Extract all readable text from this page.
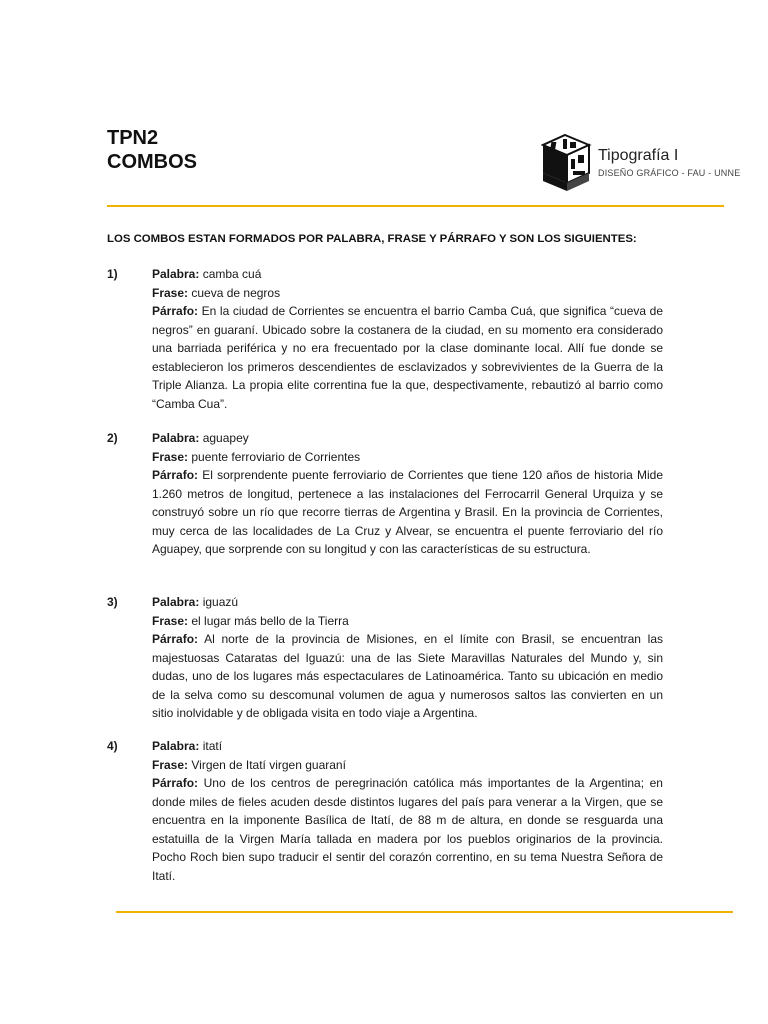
TPN2
COMBOS	Tipografía I
DISEÑO GRÁFICO - FAU - UNNE
LOS COMBOS ESTAN FORMADOS POR PALABRA, FRASE Y PÁRRAFO Y SON LOS SIGUIENTES:
1)	Palabra: camba cuá
Frase: cueva de negros
Párrafo: En la ciudad de Corrientes se encuentra el barrio Camba Cuá, que significa “cueva de negros” en guaraní. Ubicado sobre la costanera de la ciudad, en su momento era considerado una barriada periférica y no era frecuentado por la clase dominante local. Allí fue donde se establecieron los primeros descendientes de esclavizados y sobrevivientes de la Guerra de la Triple Alianza. La propia elite correntina fue la que, despectivamente, rebautizó al barrio como “Camba Cua”.
2)	Palabra: aguapey
Frase: puente ferroviario de Corrientes
Párrafo: El sorprendente puente ferroviario de Corrientes que tiene 120 años de historia Mide 1.260 metros de longitud, pertenece a las instalaciones del Ferrocarril General Urquiza y se construyó sobre un río que recorre tierras de Argentina y Brasil. En la provincia de Corrientes, muy cerca de las localidades de La Cruz y Alvear, se encuentra el puente ferroviario del río Aguapey, que sorprende con su longitud y con las características de su estructura.
3)	Palabra: iguazú
Frase: el lugar más bello de la Tierra
Párrafo: Al norte de la provincia de Misiones, en el límite con Brasil, se encuentran las majestuosas Cataratas del Iguazú: una de las Siete Maravillas Naturales del Mundo y, sin dudas, uno de los lugares más espectaculares de Latinoamérica. Tanto su ubicación en medio de la selva como su descomunal volumen de agua y numerosos saltos las convierten en un sitio inolvidable y de obligada visita en todo viaje a Argentina.
4)	Palabra: itatí
Frase: Virgen de Itatí virgen guaraní
Párrafo: Uno de los centros de peregrinación católica más importantes de la Argentina; en donde miles de fieles acuden desde distintos lugares del país para venerar a la Virgen, que se encuentra en la imponente Basílica de Itatí, de 88 m de altura, en donde se resguarda una estatuilla de la Virgen María tallada en madera por los pueblos originarios de la provincia. Pocho Roch bien supo traducir el sentir del corazón correntino, en su tema Nuestra Señora de Itatí.
